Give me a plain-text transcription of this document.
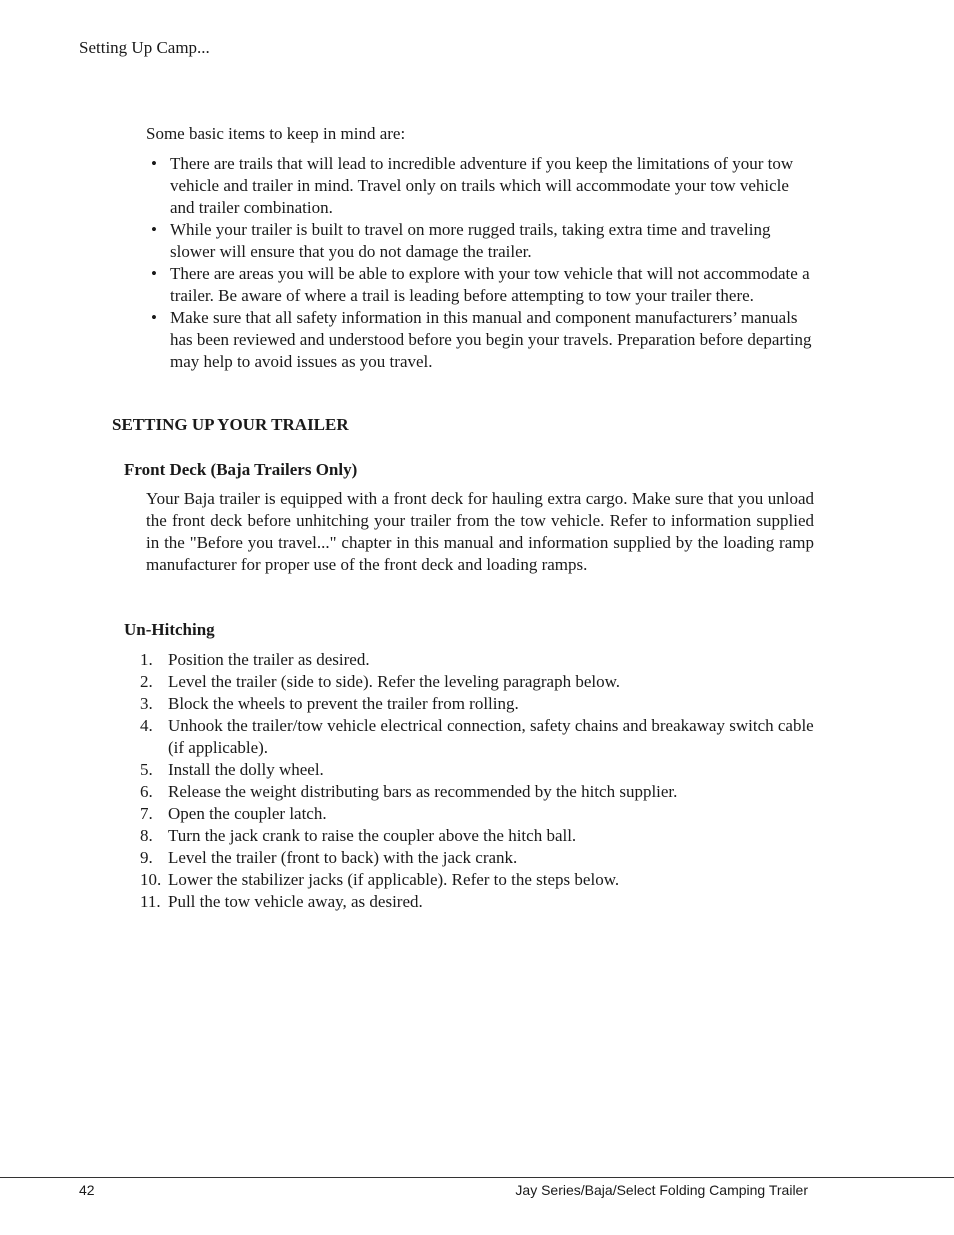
Setting Up Camp...
Some basic items to keep in mind are:
• There are trails that will lead to incredible adventure if you keep the limitations of your tow vehicle and trailer in mind. Travel only on trails which will accommodate your tow vehicle and trailer combination.
• While your trailer is built to travel on more rugged trails, taking extra time and traveling slower will ensure that you do not damage the trailer.
• There are areas you will be able to explore with your tow vehicle that will not accommodate a trailer. Be aware of where a trail is leading before attempting to tow your trailer there.
• Make sure that all safety information in this manual and component manufacturers’ manuals has been reviewed and understood before you begin your travels. Preparation before departing may help to avoid issues as you travel.
SETTING UP YOUR TRAILER
Front Deck (Baja Trailers Only)

Your Baja trailer is equipped with a front deck for hauling extra cargo. Make sure that you unload the front deck before unhitching your trailer from the tow vehicle. Refer to information supplied in the "Before you travel..." chapter in this manual and information supplied by the loading ramp manufacturer for proper use of the front deck and loading ramps.

Un-Hitching
1. Position the trailer as desired.
2. Level the trailer (side to side). Refer the leveling paragraph below.
3. Block the wheels to prevent the trailer from rolling.
4. Unhook the trailer/tow vehicle electrical connection, safety chains and breakaway switch cable (if applicable).
5. Install the dolly wheel.
6. Release the weight distributing bars as recommended by the hitch supplier.
7. Open the coupler latch.
8. Turn the jack crank to raise the coupler above the hitch ball.
9. Level the trailer (front to back) with the jack crank.
10. Lower the stabilizer jacks (if applicable). Refer to the steps below.
11. Pull the tow vehicle away, as desired.
42	Jay Series/Baja/Select Folding Camping Trailer
